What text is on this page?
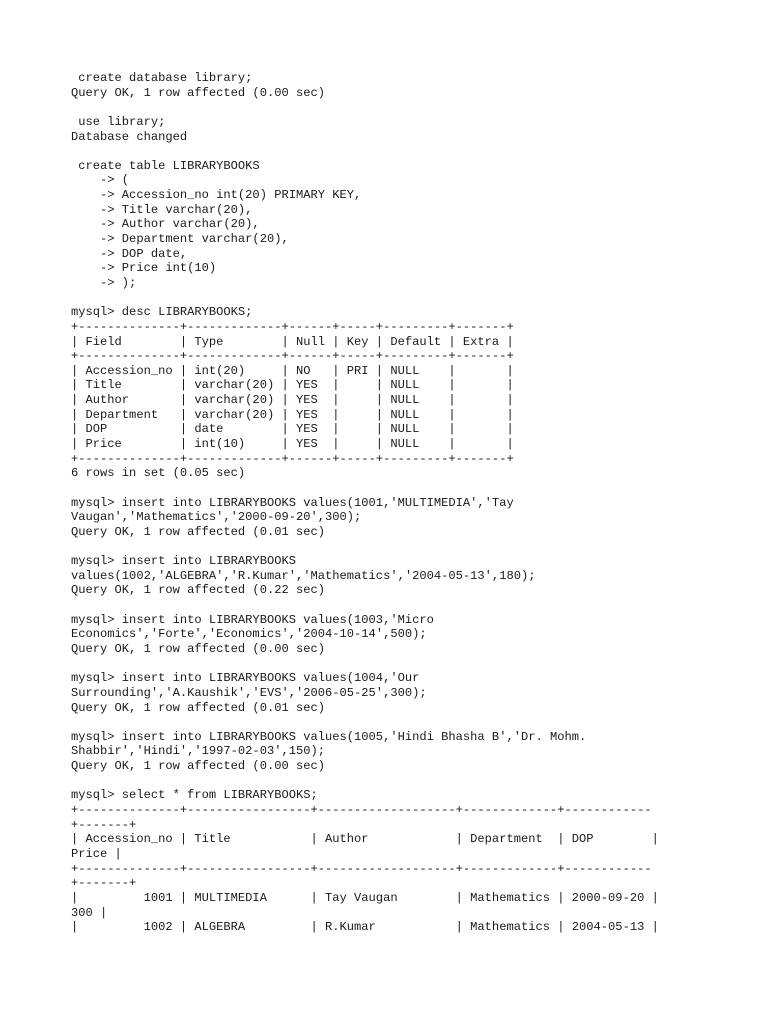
create database library;
Query OK, 1 row affected (0.00 sec)
use library;
Database changed
create table LIBRARYBOOKS
-> (
-> Accession_no int(20) PRIMARY KEY,
-> Title varchar(20),
-> Author varchar(20),
-> Department varchar(20),
-> DOP date,
-> Price int(10)
-> );
mysql> desc LIBRARYBOOKS;
+--------------+-------------+------+-----+---------+-------+
| Field        | Type        | Null | Key | Default | Extra |
+--------------+-------------+------+-----+---------+-------+
| Accession_no | int(20)     | NO   | PRI | NULL    |       |
| Title        | varchar(20) | YES  |     | NULL    |       |
| Author       | varchar(20) | YES  |     | NULL    |       |
| Department   | varchar(20) | YES  |     | NULL    |       |
| DOP          | date        | YES  |     | NULL    |       |
| Price        | int(10)     | YES  |     | NULL    |       |
+--------------+-------------+------+-----+---------+-------+
6 rows in set (0.05 sec)
mysql> insert into LIBRARYBOOKS values(1001,'MULTIMEDIA','Tay
Vaugan','Mathematics','2000-09-20',300);
Query OK, 1 row affected (0.01 sec)
mysql> insert into LIBRARYBOOKS
values(1002,'ALGEBRA','R.Kumar','Mathematics','2004-05-13',180);
Query OK, 1 row affected (0.22 sec)
mysql> insert into LIBRARYBOOKS values(1003,'Micro
Economics','Forte','Economics','2004-10-14',500);
Query OK, 1 row affected (0.00 sec)
mysql> insert into LIBRARYBOOKS values(1004,'Our
Surrounding','A.Kaushik','EVS','2006-05-25',300);
Query OK, 1 row affected (0.01 sec)
mysql> insert into LIBRARYBOOKS values(1005,'Hindi Bhasha B','Dr. Mohm.
Shabbir','Hindi','1997-02-03',150);
Query OK, 1 row affected (0.00 sec)
mysql> select * from LIBRARYBOOKS;
+--------------+-----------------+-------------------+-------------+------------
+-------+
| Accession_no | Title           | Author            | Department  | DOP        |
Price |
+--------------+-----------------+-------------------+-------------+------------
+-------+
|         1001 | MULTIMEDIA      | Tay Vaugan        | Mathematics | 2000-09-20 |
300 |
|         1002 | ALGEBRA         | R.Kumar           | Mathematics | 2004-05-13 |
